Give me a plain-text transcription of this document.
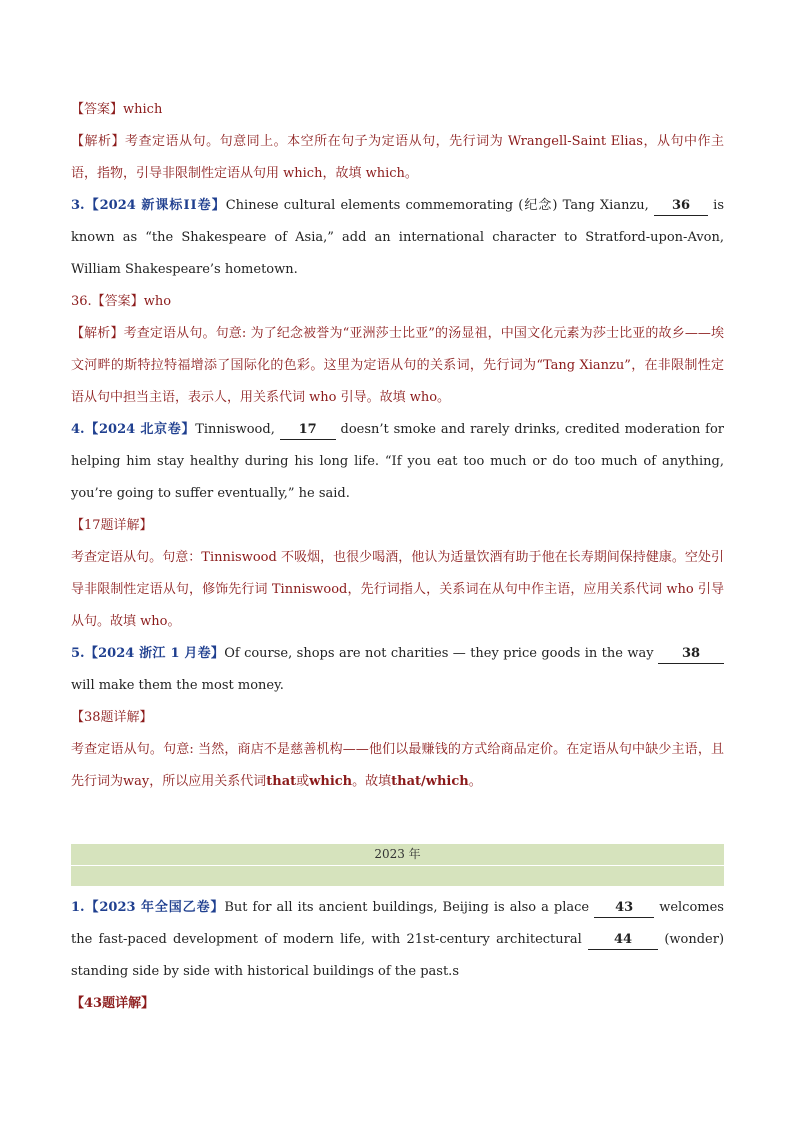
【答案】which

【解析】考查定语从句。句意同上。本空所在句子为定语从句，先行词为 Wrangell-Saint Elias，从句中作主语，指物，引导非限制性定语从句用 which，故填 which。

3.【2024 新课标ⅠⅠ卷】Chinese cultural elements commemorating (纪念) Tang Xianzu, 36 is known as “the Shakespeare of Asia,” add an international character to Stratford-upon-Avon, William Shakespeare’s hometown.

36.【答案】who

【解析】考查定语从句。句意: 为了纪念被誉为“亚洲莎士比亚”的汤显祖，中国文化元素为莎士比亚的故乡——埃文河畔的斯特拉特福增添了国际化的色彩。这里为定语从句的关系词，先行词为“Tang Xianzu”，在非限制性定语从句中担当主语，表示人，用关系代词 who 引导。故填 who。

4.【2024 北京卷】Tinniswood, 17 doesn’t smoke and rarely drinks, credited moderation for helping him stay healthy during his long life. “If you eat too much or do too much of anything, you’re going to suffer eventually,” he said.

【17题详解】

考查定语从句。句意：Tinniswood 不吸烟，也很少喝酒，他认为适量饮酒有助于他在长寿期间保持健康。空处引导非限制性定语从句，修饰先行词 Tinniswood，先行词指人，关系词在从句中作主语，应用关系代词 who 引导从句。故填 who。

5.【2024 浙江 1 月卷】Of course, shops are not charities — they price goods in the way 38 will make them the most money.

【38题详解】

考查定语从句。句意: 当然，商店不是慈善机构——他们以最赚钱的方式给商品定价。在定语从句中缺少主语，且先行词为way，所以应用关系代词that或which。故填that/which。

2023 年

1.【2023 年全国乙卷】But for all its ancient buildings, Beijing is also a place 43 welcomes the fast-paced development of modern life, with 21st-century architectural 44 (wonder) standing side by side with historical buildings of the past.s

【43题详解】
